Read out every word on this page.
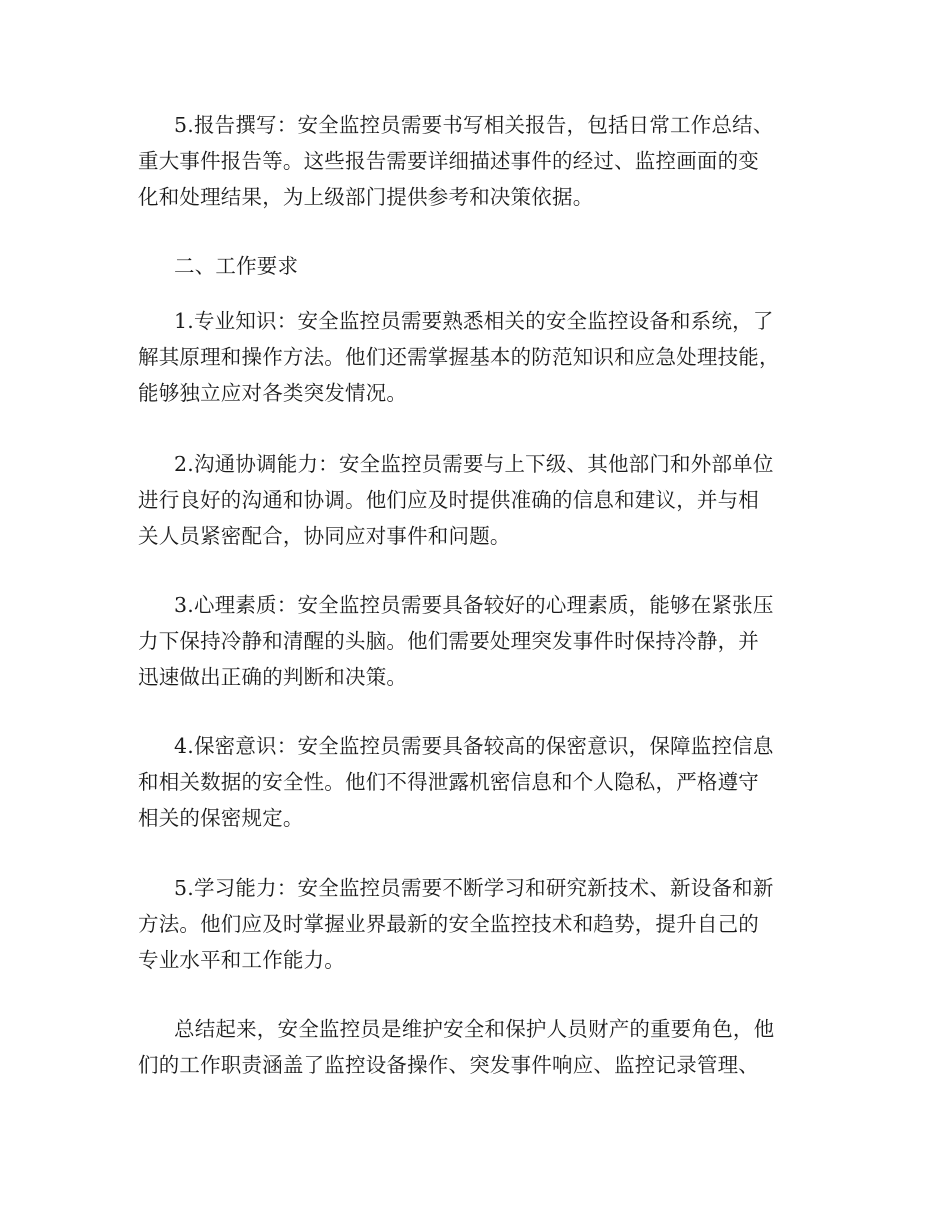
5.报告撰写：安全监控员需要书写相关报告，包括日常工作总结、
重大事件报告等。这些报告需要详细描述事件的经过、监控画面的变
化和处理结果，为上级部门提供参考和决策依据。
二、工作要求
1.专业知识：安全监控员需要熟悉相关的安全监控设备和系统，了
解其原理和操作方法。他们还需掌握基本的防范知识和应急处理技能，
能够独立应对各类突发情况。
2.沟通协调能力：安全监控员需要与上下级、其他部门和外部单位
进行良好的沟通和协调。他们应及时提供准确的信息和建议，并与相
关人员紧密配合，协同应对事件和问题。
3.心理素质：安全监控员需要具备较好的心理素质，能够在紧张压
力下保持冷静和清醒的头脑。他们需要处理突发事件时保持冷静，并
迅速做出正确的判断和决策。
4.保密意识：安全监控员需要具备较高的保密意识，保障监控信息
和相关数据的安全性。他们不得泄露机密信息和个人隐私，严格遵守
相关的保密规定。
5.学习能力：安全监控员需要不断学习和研究新技术、新设备和新
方法。他们应及时掌握业界最新的安全监控技术和趋势，提升自己的
专业水平和工作能力。
总结起来，安全监控员是维护安全和保护人员财产的重要角色，他
们的工作职责涵盖了监控设备操作、突发事件响应、监控记录管理、
